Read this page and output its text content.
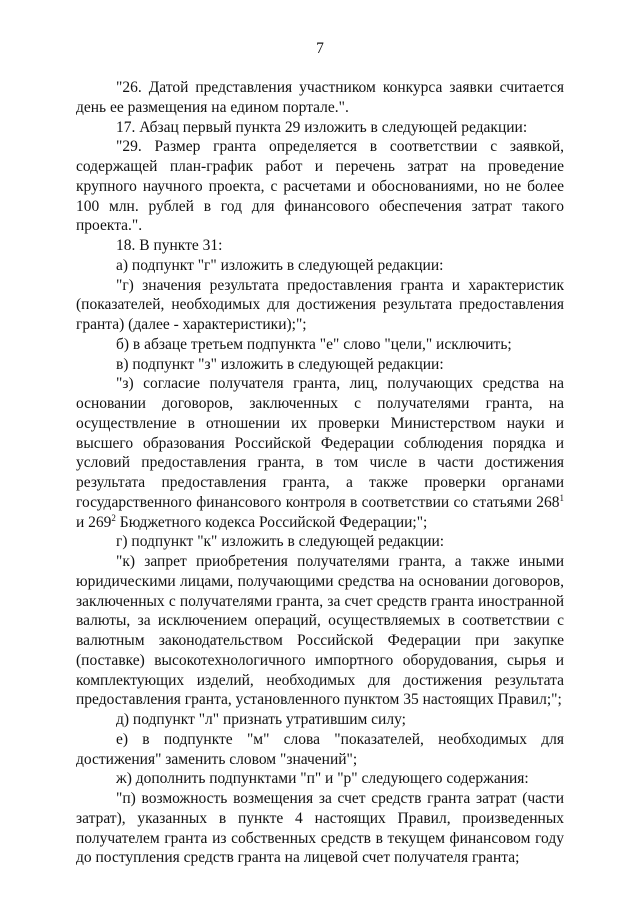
7

"26. Датой представления участником конкурса заявки считается день ее размещения на едином портале.".

17. Абзац первый пункта 29 изложить в следующей редакции:

"29. Размер гранта определяется в соответствии с заявкой, содержащей план-график работ и перечень затрат на проведение крупного научного проекта, с расчетами и обоснованиями, но не более 100 млн. рублей в год для финансового обеспечения затрат такого проекта.".

18. В пункте 31:

а) подпункт "г" изложить в следующей редакции:

"г) значения результата предоставления гранта и характеристик (показателей, необходимых для достижения результата предоставления гранта) (далее - характеристики);";

б) в абзаце третьем подпункта "е" слово "цели," исключить;

в) подпункт "з" изложить в следующей редакции:

"з) согласие получателя гранта, лиц, получающих средства на основании договоров, заключенных с получателями гранта, на осуществление в отношении их проверки Министерством науки и высшего образования Российской Федерации соблюдения порядка и условий предоставления гранта, в том числе в части достижения результата предоставления гранта, а также проверки органами государственного финансового контроля в соответствии со статьями $268^1$ и $269^2$ Бюджетного кодекса Российской Федерации;";

г) подпункт "к" изложить в следующей редакции:

"к) запрет приобретения получателями гранта, а также иными юридическими лицами, получающими средства на основании договоров, заключенных с получателями гранта, за счет средств гранта иностранной валюты, за исключением операций, осуществляемых в соответствии с валютным законодательством Российской Федерации при закупке (поставке) высокотехнологичного импортного оборудования, сырья и комплектующих изделий, необходимых для достижения результата предоставления гранта, установленного пунктом 35 настоящих Правил;";

д) подпункт "л" признать утратившим силу;

е) в подпункте "м" слова "показателей, необходимых для достижения" заменить словом "значений";

ж) дополнить подпунктами "п" и "р" следующего содержания:

"п) возможность возмещения за счет средств гранта затрат (части затрат), указанных в пункте 4 настоящих Правил, произведенных получателем гранта из собственных средств в текущем финансовом году до поступления средств гранта на лицевой счет получателя гранта;
